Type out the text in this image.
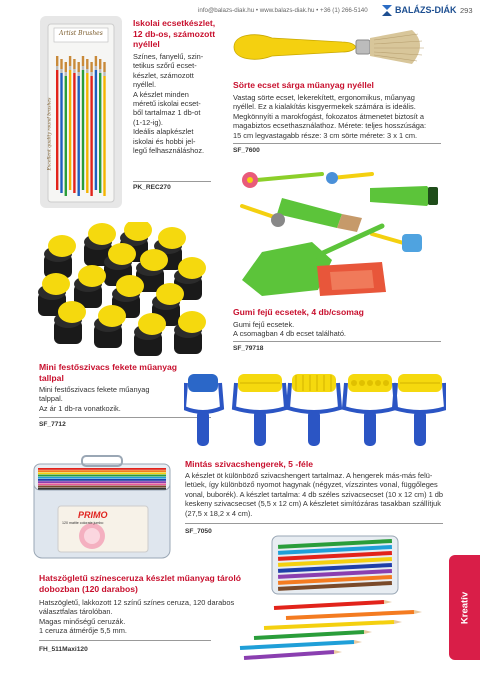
info@balazs-diak.hu • www.balazs-diak.hu • +36 (1) 266-5140	BALÁZS-DIÁK 293
Kreatív
Artist Brushes
Excellent quality round brushes
Iskolai ecsetkészlet,
12 db-os, számozott
nyéllel
Színes, fanyelű, szin-
tetikus szőrű ecset-
készlet, számozott
nyéllel.
A készlet minden
méretű iskolai ecset-
ből tartalmaz 1 db-ot
(1-12-ig).
Ideális alapkészlet
iskolai és hobbi jel-
legű felhasználáshoz.
PK_REC270
Sörte ecset sárga műanyag nyéllel
Vastag sörte ecset, lekerekített, ergonomikus, műanyag
nyéllel. Ez a kialakítás kisgyermekek számára is ideális.
Megkönnyíti a marokfogást, fokozatos átmenetet biztosít a
magabiztos ecsethasználathoz. Mérete: teljes hosszúsága:
15 cm legvastagabb része: 3 cm sörte mérete: 3 x 1 cm.
SF_7600
Gumi fejű ecsetek, 4 db/csomag
Gumi fejű ecsetek.
A csomagban 4 db ecset található.
SF_79718
Mini festőszivacs fekete műanyag
tallpal
Mini festőszivacs fekete műanyag
talppal.
Az ár 1 db-ra vonatkozik.
SF_7712
Mintás szivacshengerek, 5 -féle
A készlet öt különböző szivacshengert tartalmaz. A hengerek más-más felü-
letüek, így különböző nyomot hagynak (négyzet, vízszintes vonal, függőleges
vonal, buborék). A készlet tartalma: 4 db széles szivacsecset (10 x 12 cm) 1 db
keskeny szivacsecset (5,5 x 12 cm) A készletet simítózáras tasakban szállítjuk
(27,5 x 18,2 x 4 cm).
SF_7050
PRIMO
120 matite colorate jumbo
Hatszögletű színesceruza készlet műanyag tároló
dobozban (120 darabos)
Hatszögletű, lakkozott 12 színű színes ceruza, 120 darabos
választfalas tárolóban.
Magas minőségű ceruzák.
1 ceruza átmérője 5,5 mm.
FH_511Maxi120
